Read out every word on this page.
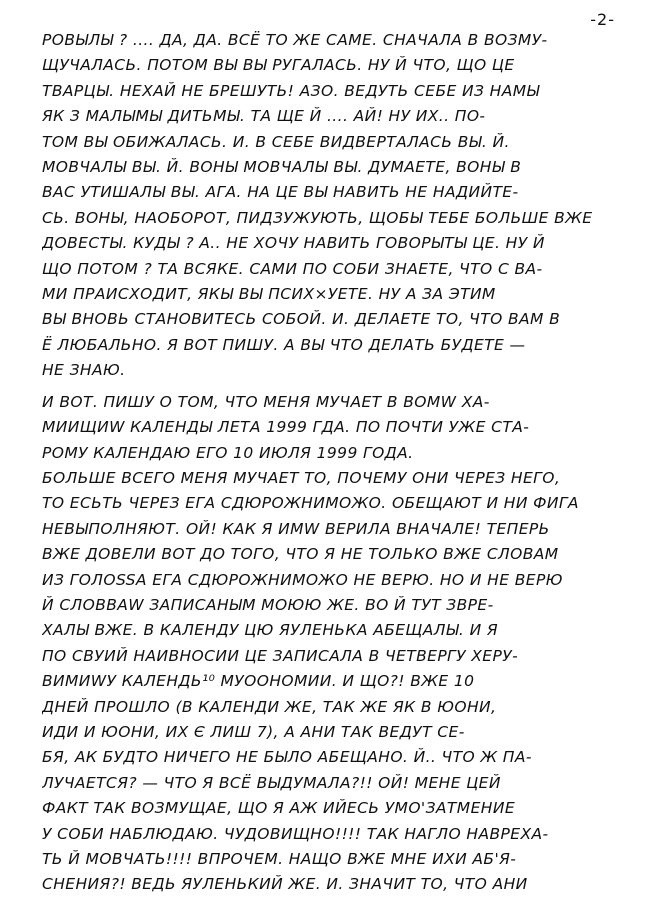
-2-
РОВЫЛЫ ? .... ДА, ДА. ВСЁ ТО ЖЕ САМЕ. СНАЧАЛА В ВОЗМУ-
ЩУЧАЛАСЬ. ПОТОМ ВЫ ВЫ РУГАЛАСЬ. НУ Й ЧТО, ЩО ЦЕ
ТВАРЦЫ. НЕХАЙ НЕ БРЕШУТЬ! АЗО. ВЕДУТЬ СЕБЕ ИЗ НАМЫ
ЯК З МАЛЫМЫ ДИТЬМЫ. ТА ЩЕ Й .... АЙ! НУ ИХ.. ПО-
ТОМ ВЫ ОБИЖАЛАСЬ. И. В СЕБЕ ВИДВЕРТАЛАСЬ ВЫ. Й.
МОВЧАЛЫ ВЫ. Й. ВОНЫ МОВЧАЛЫ ВЫ. ДУМАЕТЕ, ВОНЫ В
ВАС УТИШАЛЫ ВЫ. АГА. НА ЦЕ ВЫ НАВИТЬ НЕ НАДИЙТЕ-
СЬ. ВОНЫ, НАОБОРОТ, ПИДЗУЖУЮТЬ, ЩОБЫ ТЕБЕ БОЛЬШЕ ВЖЕ
ДОВЕСТЫ. КУДЫ ? А.. НЕ ХОЧУ НАВИТЬ ГОВОРЫТЫ ЦЕ. НУ Й
ЩО ПОТОМ ? ТА ВСЯКЕ. САМИ ПО СОБИ ЗНАЕТЕ, ЧТО С ВА-
МИ ПРАИСХОДИТ, ЯКЫ ВЫ ПСИХ×УЕТЕ. НУ А ЗА ЭТИМ
ВЫ ВНОВЬ СТАНОВИТЕСЬ СОБОЙ. И. ДЕЛАЕТЕ ТО, ЧТО ВАМ В
Ё ЛЮБАЛЬНО. Я ВОТ ПИШУ. А ВЫ ЧТО ДЕЛАТЬ БУДЕТЕ —
НЕ ЗНАЮ.
И ВОТ. ПИШУ О ТОМ, ЧТО МЕНЯ МУЧАЕТ В ВОМW ХА-
МИИЩИW КАЛЕНДЫ ЛЕТА 1999 ГДА. ПО ПОЧТИ УЖЕ СТА-
РОМУ КАЛЕНДАЮ ЕГО 10 ИЮЛЯ 1999 ГОДА.
БОЛЬШЕ ВСЕГО МЕНЯ МУЧАЕТ ТО, ПОЧЕМУ ОНИ ЧЕРЕЗ НЕГО,
ТО ЕСЬТЬ ЧЕРЕЗ ЕГА СДЮРОЖНИМОЖО. ОБЕЩАЮТ И НИ ФИГА
НЕВЫПОЛНЯЮТ. ОЙ! КАК Я ИМW ВЕРИЛА ВНАЧАЛЕ! ТЕПЕРЬ
ВЖЕ ДОВЕЛИ ВОТ ДО ТОГО, ЧТО Я НЕ ТОЛЬКО ВЖЕ СЛОВАМ
ИЗ ГОЛОSSA ЕГА СДЮРОЖНИМОЖО НЕ ВЕРЮ. НО И НЕ ВЕРЮ
Й СЛОВВАW ЗАПИСАНЫМ МОЮЮ ЖЕ. ВО Й ТУТ ЗВРЕ-
ХАЛЫ ВЖЕ. В КАЛЕНДУ ЦЮ ЯУЛЕНЬКА АБЕЩАЛЫ. И Я
ПО СВУИЙ НАИВНОСИИ ЦЕ ЗАПИСАЛА В ЧЕТВЕРГУ ХЕРУ-
ВИМИWУ КАЛЕНДЬ¹⁰ МУООНОМИИ. И ЩО?! ВЖЕ 10
ДНЕЙ ПРОШЛО (В КАЛЕНДИ ЖЕ, ТАК ЖЕ ЯК В ЮОНИ,
ИДИ И ЮОНИ, ИХ Є ЛИШ 7), А АНИ ТАК ВЕДУТ СЕ-
БЯ, АК БУДТО НИЧЕГО НЕ БЫЛО АБЕЩАНО. Й.. ЧТО Ж ПА-
ЛУЧАЕТСЯ? — ЧТО Я ВСЁ ВЫДУМАЛА?!! ОЙ! МЕНЕ ЦЕЙ
ФАКТ ТАК ВОЗМУЩАЕ, ЩО Я АЖ ИЙЕСЬ УМО'ЗАТМЕНИЕ
У СОБИ НАБЛЮДАЮ. ЧУДОВИЩНО!!!! ТАК НАГЛО НАВРЕХА-
ТЬ Й МОВЧАТЬ!!!! ВПРОЧЕМ. НАЩО ВЖЕ МНЕ ИХИ АБ'Я-
СНЕНИЯ?! ВЕДЬ ЯУЛЕНЬКИЙ ЖЕ. И. ЗНАЧИТ ТО, ЧТО АНИ
